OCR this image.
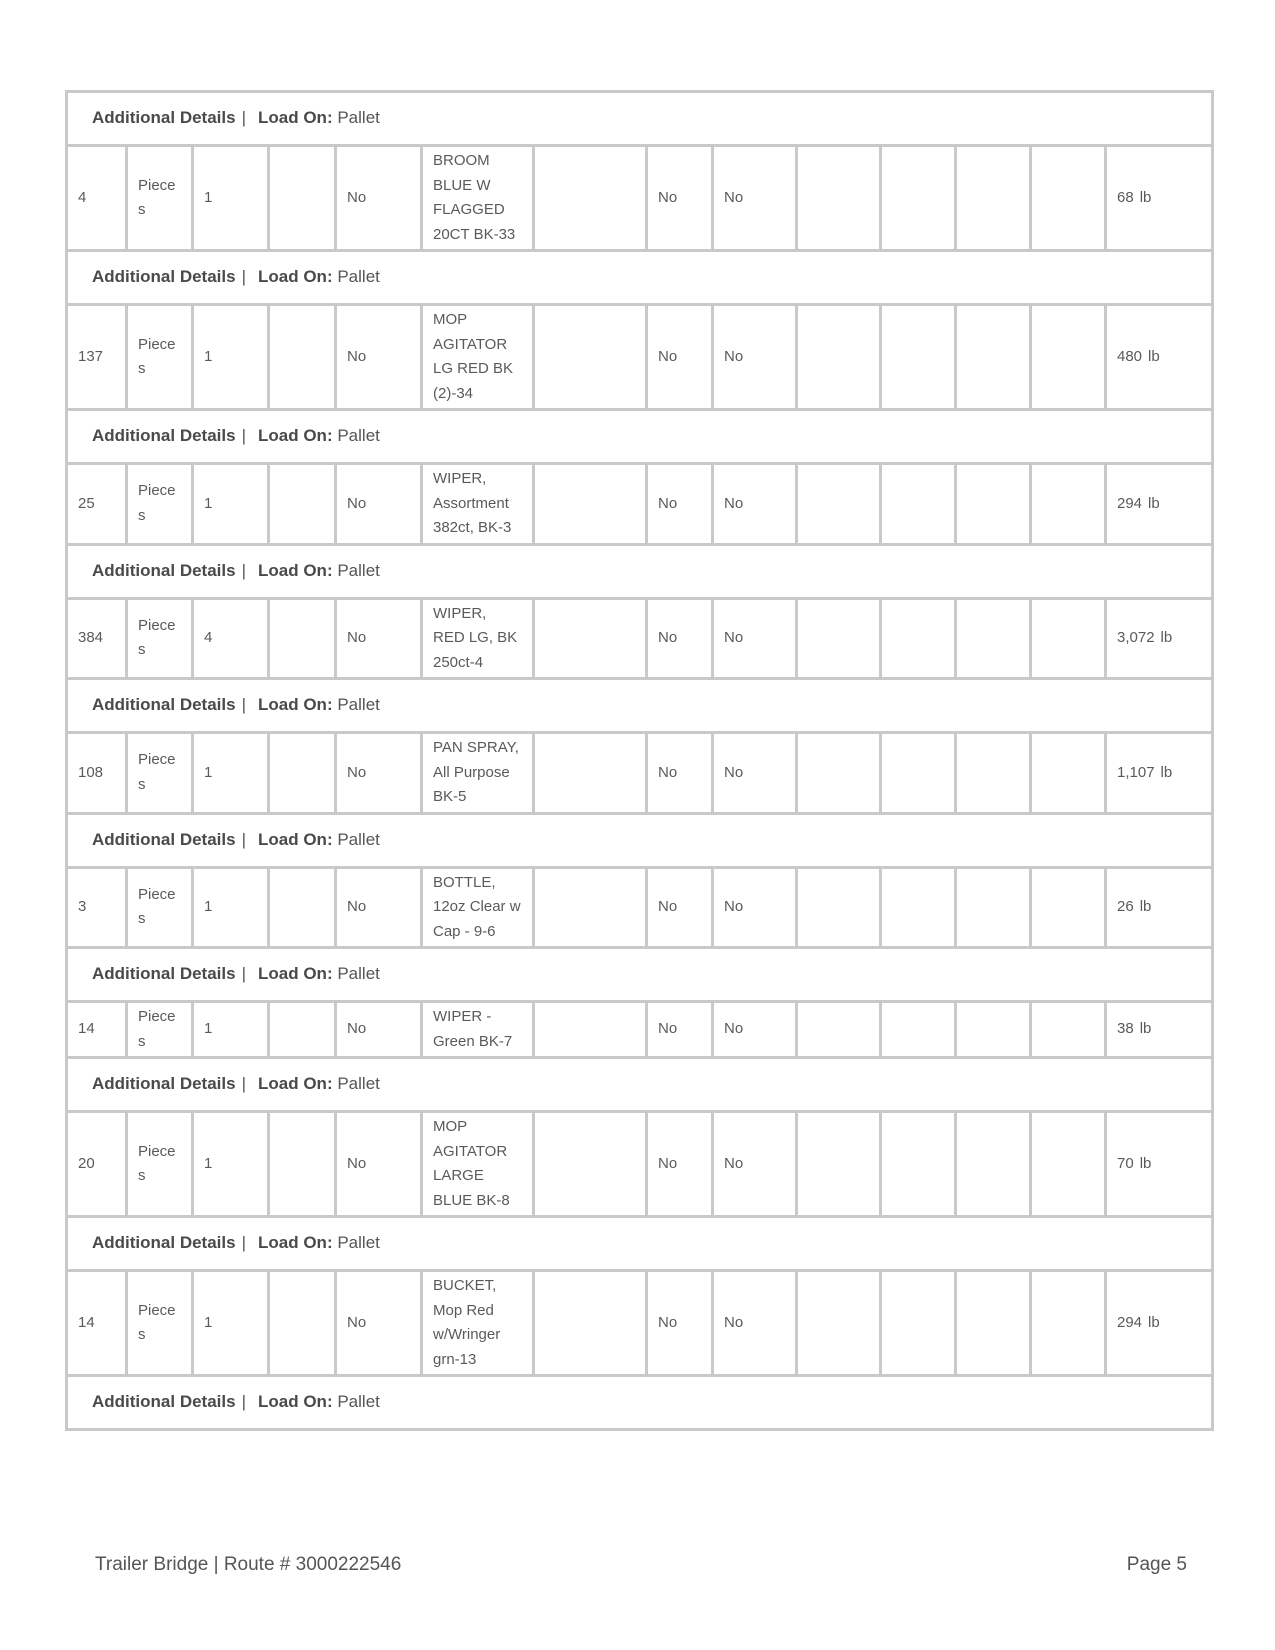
Additional Details | Load On: Pallet													
4	Pieces	1		No	BROOM BLUE W FLAGGED 20CT BK-33		No	No					68 lb
Additional Details | Load On: Pallet													
137	Pieces	1		No	MOP AGITATOR LG RED BK (2)-34		No	No					480 lb
Additional Details | Load On: Pallet													
25	Pieces	1		No	WIPER, Assortment 382ct, BK-3		No	No					294 lb
Additional Details | Load On: Pallet													
384	Pieces	4		No	WIPER, RED LG, BK 250ct-4		No	No					3,072 lb
Additional Details | Load On: Pallet													
108	Pieces	1		No	PAN SPRAY, All Purpose BK-5		No	No					1,107 lb
Additional Details | Load On: Pallet													
3	Pieces	1		No	BOTTLE, 12oz Clear w Cap - 9-6		No	No					26 lb
Additional Details | Load On: Pallet													
14	Pieces	1		No	WIPER - Green BK-7		No	No					38 lb
Additional Details | Load On: Pallet													
20	Pieces	1		No	MOP AGITATOR LARGE BLUE BK-8		No	No					70 lb
Additional Details | Load On: Pallet													
14	Pieces	1		No	BUCKET, Mop Red w/Wringer grn-13		No	No					294 lb
Additional Details | Load On: Pallet													
Trailer Bridge | Route # 3000222546	Page 5
